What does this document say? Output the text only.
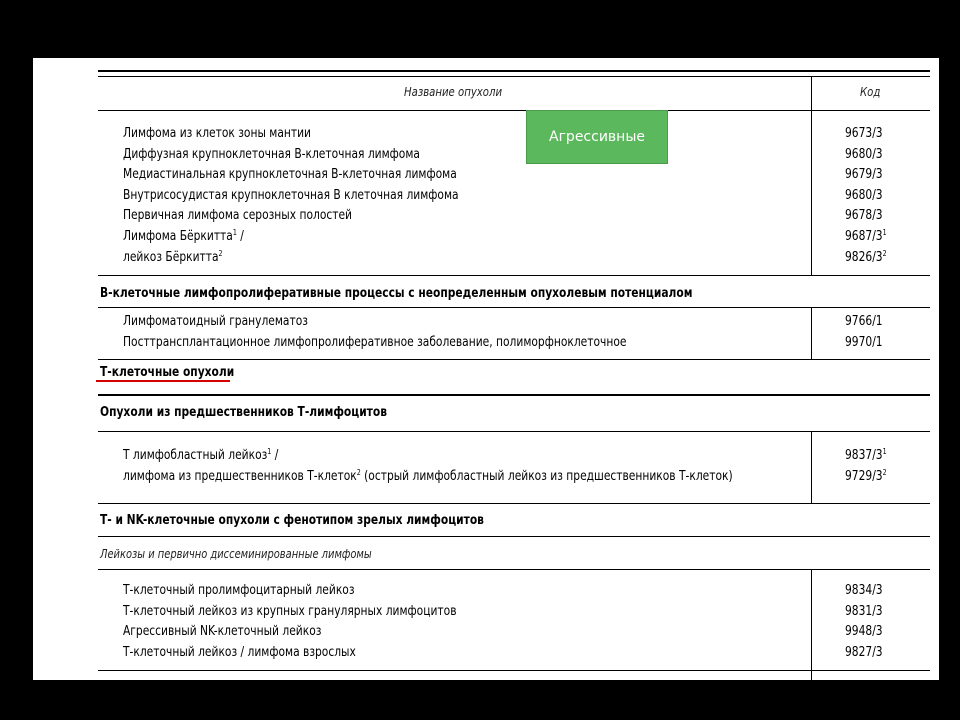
Название опухоли	Код
Агрессивные
B-клеточные лимфопролиферативные процессы с неопределенным опухолевым потенциалом
Т-клеточные опухоли
Опухоли из предшественников Т-лимфоцитов
Т- и NK-клеточные опухоли с фенотипом зрелых лимфоцитов
Лейкозы и первично диссеминированные лимфомы
Лимфома из клеток зоны мантии	9673/3
Диффузная крупноклеточная B-клеточная лимфома	9680/3
Медиастинальная крупноклеточная B-клеточная лимфома	9679/3
Внутрисосудистая крупноклеточная B клеточная лимфома	9680/3
Первичная лимфома серозных полостей	9678/3
Лимфома Бёркитта$^1$ /	$9687/3^1$
лейкоз Бёркитта$^2$	$9826/3^2$
Лимфоматоидный гранулематоз	9766/1
Посттрансплантационное лимфопролиферативное заболевание, полиморфноклеточное	9970/1
Т лимфобластный лейкоз$^1$ /	$9837/3^1$
лимфома из предшественников Т-клеток$^2$ (острый лимфобластный лейкоз из предшественников Т-клеток)	$9729/3^2$
Т-клеточный пролимфоцитарный лейкоз	9834/3
Т-клеточный лейкоз из крупных гранулярных лимфоцитов	9831/3
Агрессивный NK-клеточный лейкоз	9948/3
Т-клеточный лейкоз / лимфома взрослых	9827/3
